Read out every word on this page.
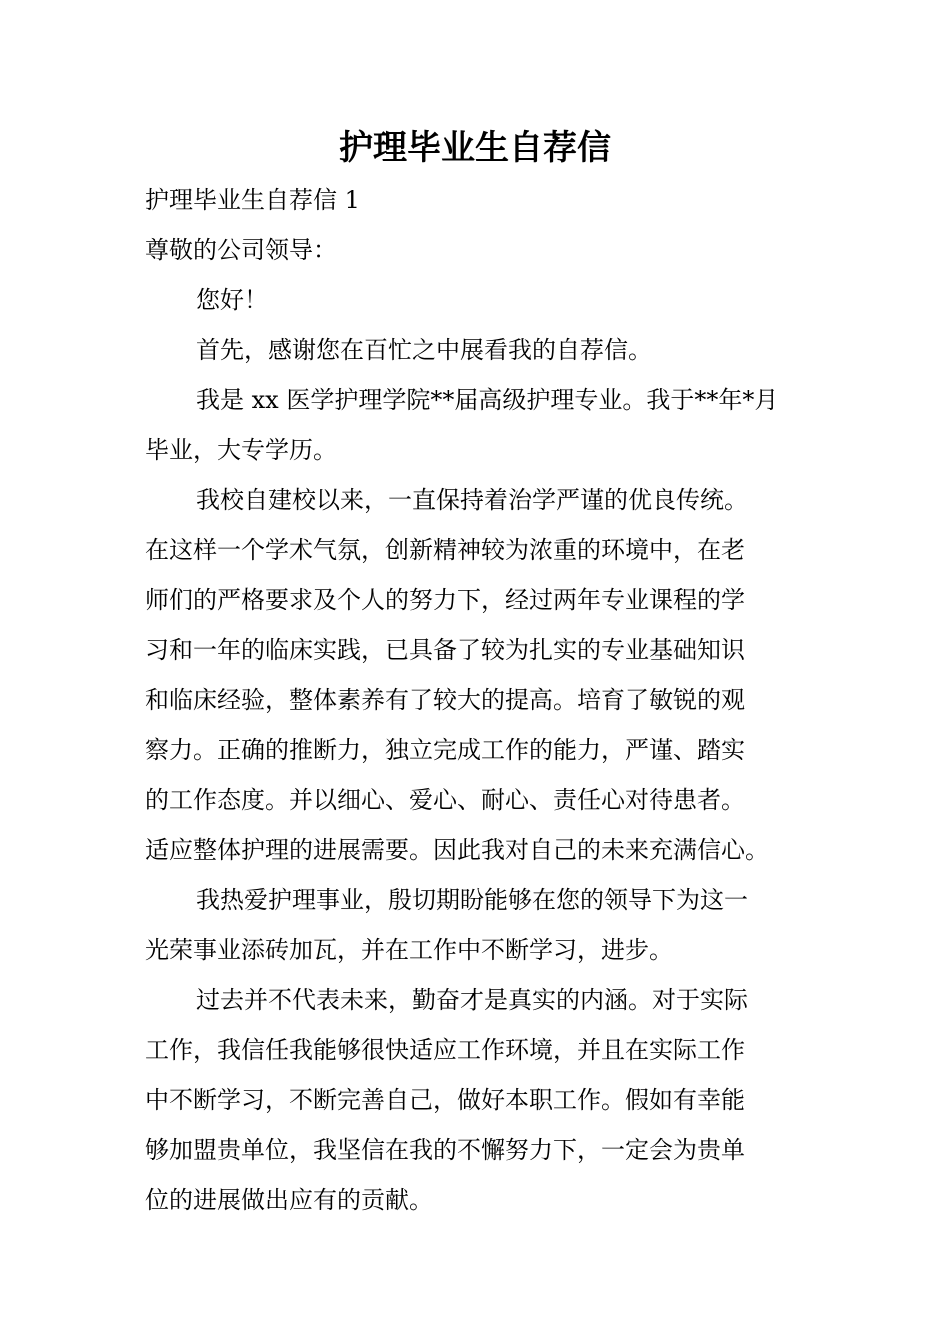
护理毕业生自荐信

护理毕业生自荐信 1

尊敬的公司领导：

您好！

首先，感谢您在百忙之中展看我的自荐信。

我是 xx 医学护理学院**届高级护理专业。我于**年*月

毕业，大专学历。

我校自建校以来，一直保持着治学严谨的优良传统。

在这样一个学术气氛，创新精神较为浓重的环境中，在老

师们的严格要求及个人的努力下，经过两年专业课程的学

习和一年的临床实践，已具备了较为扎实的专业基础知识

和临床经验，整体素养有了较大的提高。培育了敏锐的观

察力。正确的推断力，独立完成工作的能力，严谨、踏实

的工作态度。并以细心、爱心、耐心、责任心对待患者。

适应整体护理的进展需要。因此我对自己的未来充满信心。

我热爱护理事业，殷切期盼能够在您的领导下为这一

光荣事业添砖加瓦，并在工作中不断学习，进步。

过去并不代表未来，勤奋才是真实的内涵。对于实际

工作，我信任我能够很快适应工作环境，并且在实际工作

中不断学习，不断完善自己，做好本职工作。假如有幸能

够加盟贵单位，我坚信在我的不懈努力下，一定会为贵单

位的进展做出应有的贡献。
